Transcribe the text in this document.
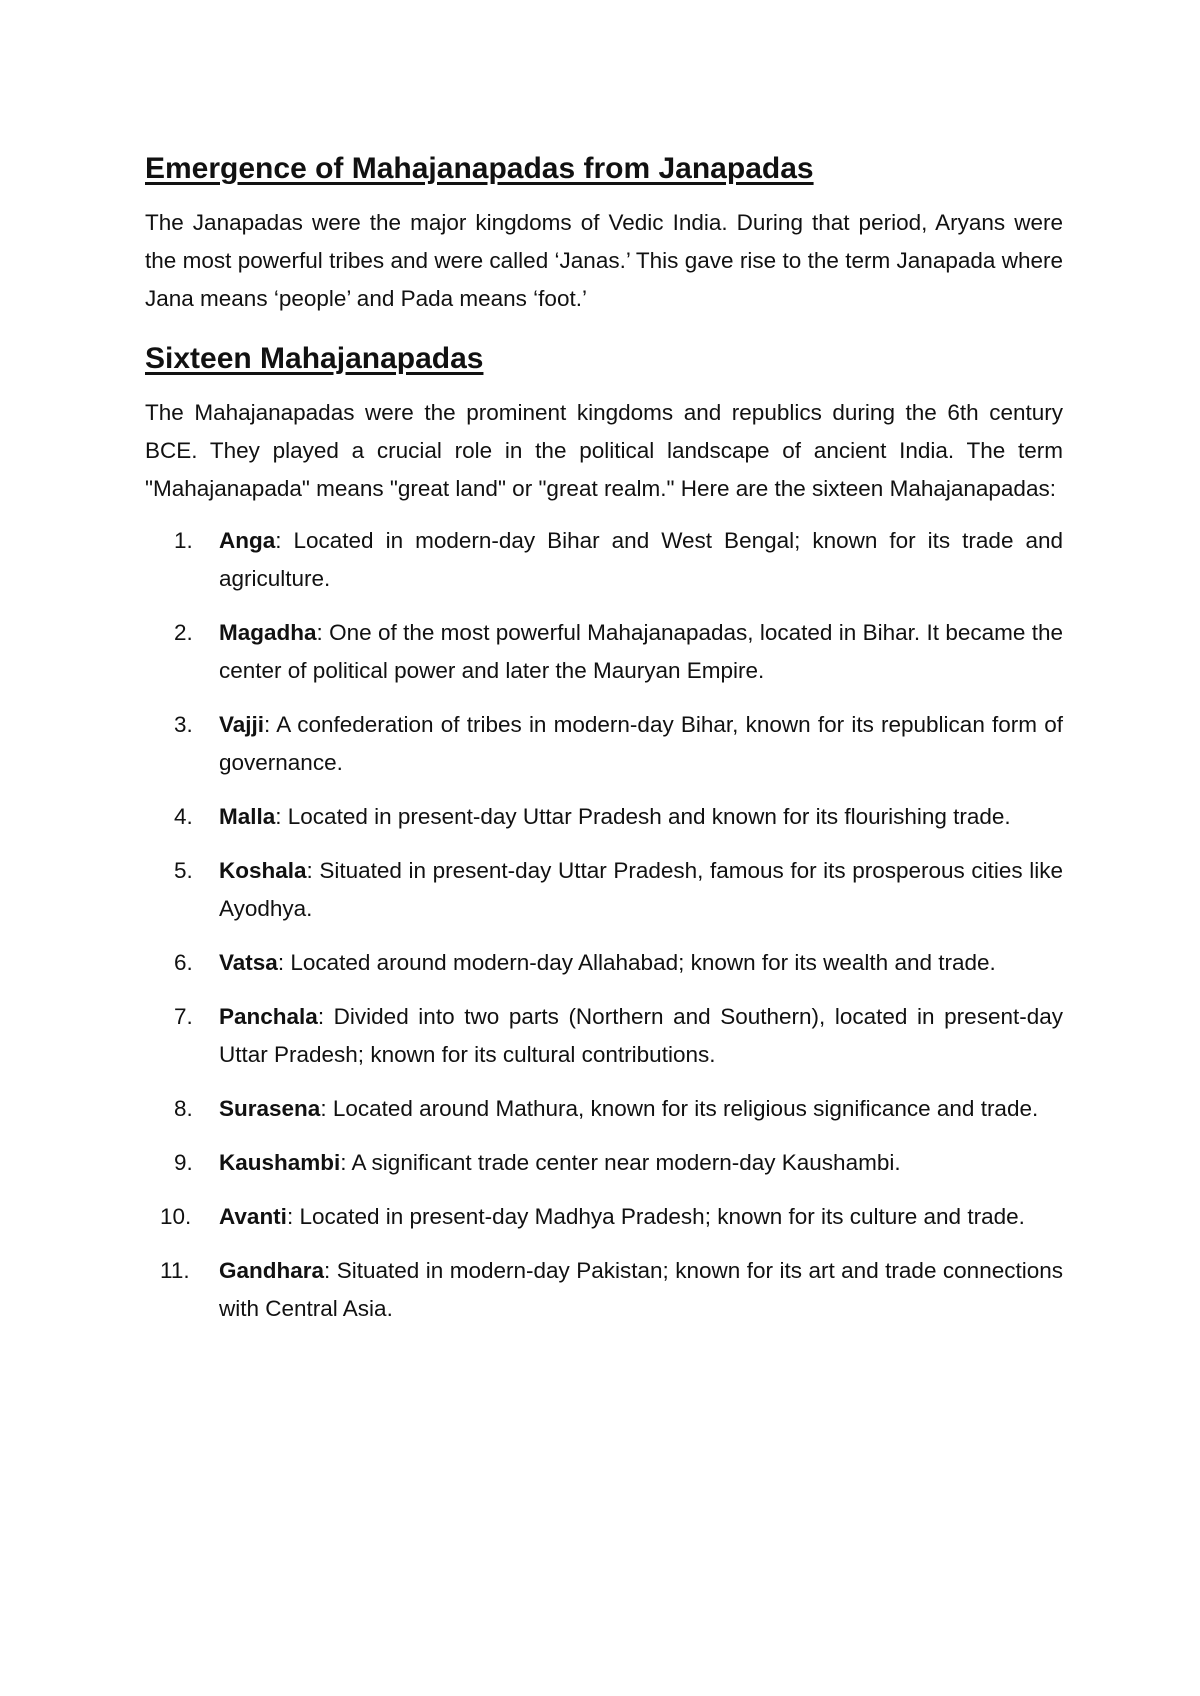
Emergence of Mahajanapadas from Janapadas

The Janapadas were the major kingdoms of Vedic India. During that period, Aryans were the most powerful tribes and were called ‘Janas.’ This gave rise to the term Janapada where Jana means ‘people’ and Pada means ‘foot.’

Sixteen Mahajanapadas

The Mahajanapadas were the prominent kingdoms and republics during the 6th century BCE. They played a crucial role in the political landscape of ancient India. The term "Mahajanapada" means "great land" or "great realm." Here are the sixteen Mahajanapadas:

1. Anga: Located in modern-day Bihar and West Bengal; known for its trade and agriculture.
2. Magadha: One of the most powerful Mahajanapadas, located in Bihar. It became the center of political power and later the Mauryan Empire.
3. Vajji: A confederation of tribes in modern-day Bihar, known for its republican form of governance.
4. Malla: Located in present-day Uttar Pradesh and known for its flourishing trade.
5. Koshala: Situated in present-day Uttar Pradesh, famous for its prosperous cities like Ayodhya.
6. Vatsa: Located around modern-day Allahabad; known for its wealth and trade.
7. Panchala: Divided into two parts (Northern and Southern), located in present-day Uttar Pradesh; known for its cultural contributions.
8. Surasena: Located around Mathura, known for its religious significance and trade.
9. Kaushambi: A significant trade center near modern-day Kaushambi.
10. Avanti: Located in present-day Madhya Pradesh; known for its culture and trade.
11. Gandhara: Situated in modern-day Pakistan; known for its art and trade connections with Central Asia.
